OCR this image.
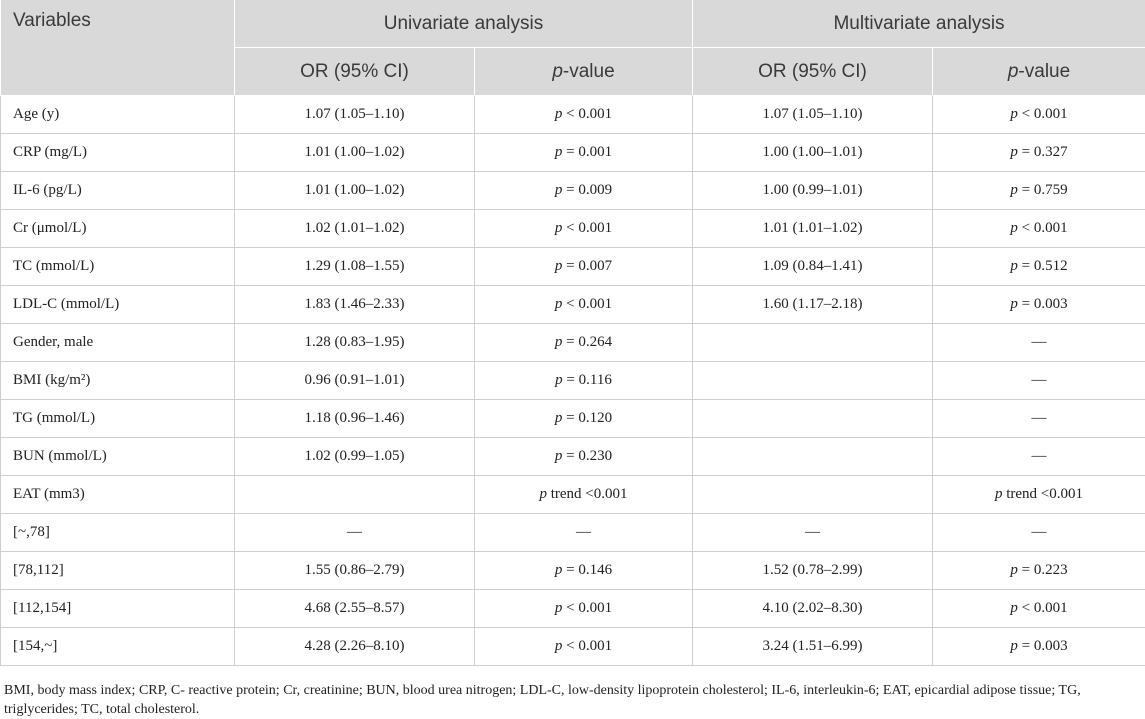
Variables	Univariate analysis		Multivariate analysis	
	OR (95% CI)	p-value	OR (95% CI)	p-value
Age (y)	1.07 (1.05–1.10)	p < 0.001	1.07 (1.05–1.10)	p < 0.001
CRP (mg/L)	1.01 (1.00–1.02)	p = 0.001	1.00 (1.00–1.01)	p = 0.327
IL-6 (pg/L)	1.01 (1.00–1.02)	p = 0.009	1.00 (0.99–1.01)	p = 0.759
Cr (μmol/L)	1.02 (1.01–1.02)	p < 0.001	1.01 (1.01–1.02)	p < 0.001
TC (mmol/L)	1.29 (1.08–1.55)	p = 0.007	1.09 (0.84–1.41)	p = 0.512
LDL-C (mmol/L)	1.83 (1.46–2.33)	p < 0.001	1.60 (1.17–2.18)	p = 0.003
Gender, male	1.28 (0.83–1.95)	p = 0.264		—
BMI (kg/m²)	0.96 (0.91–1.01)	p = 0.116		—
TG (mmol/L)	1.18 (0.96–1.46)	p = 0.120		—
BUN (mmol/L)	1.02 (0.99–1.05)	p = 0.230		—
EAT (mm3)		p trend <0.001		p trend <0.001
[~,78]	—	—	—	—
[78,112]	1.55 (0.86–2.79)	p = 0.146	1.52 (0.78–2.99)	p = 0.223
[112,154]	4.68 (2.55–8.57)	p < 0.001	4.10 (2.02–8.30)	p < 0.001
[154,~]	4.28 (2.26–8.10)	p < 0.001	3.24 (1.51–6.99)	p = 0.003
BMI, body mass index; CRP, C- reactive protein; Cr, creatinine; BUN, blood urea nitrogen; LDL-C, low-density lipoprotein cholesterol; IL-6, interleukin-6; EAT, epicardial adipose tissue; TG, triglycerides; TC, total cholesterol.
